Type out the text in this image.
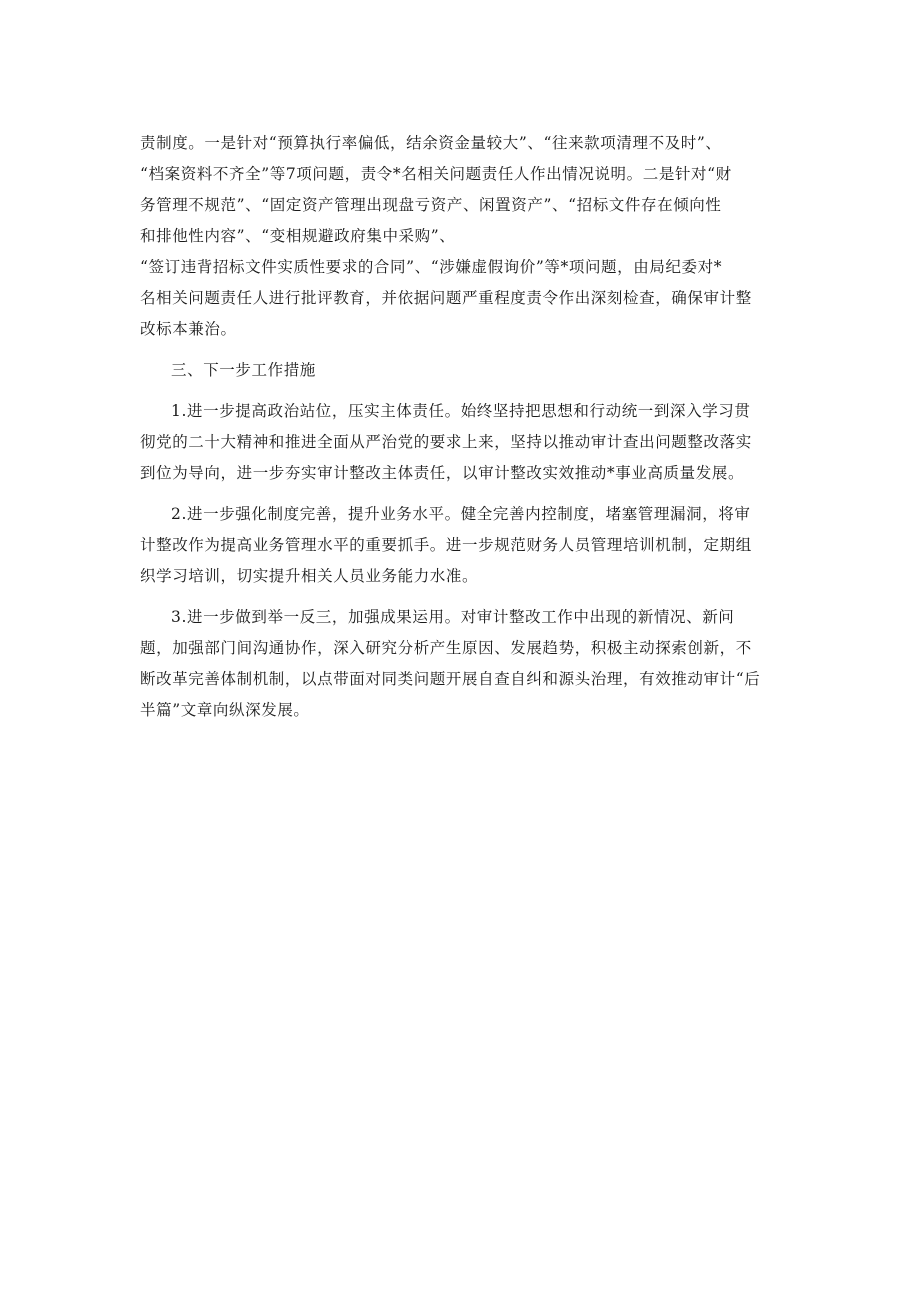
责制度。一是针对“预算执行率偏低，结余资金量较大”、“往来款项清理不及时”、
“档案资料不齐全”等7项问题，责令*名相关问题责任人作出情况说明。二是针对“财
务管理不规范”、“固定资产管理出现盘亏资产、闲置资产”、“招标文件存在倾向性
和排他性内容”、“变相规避政府集中采购”、
“签订违背招标文件实质性要求的合同”、“涉嫌虚假询价”等*项问题，由局纪委对*
名相关问题责任人进行批评教育，并依据问题严重程度责令作出深刻检查，确保审计整
改标本兼治。

三、下一步工作措施

1.进一步提高政治站位，压实主体责任。始终坚持把思想和行动统一到深入学习贯
彻党的二十大精神和推进全面从严治党的要求上来，坚持以推动审计查出问题整改落实
到位为导向，进一步夯实审计整改主体责任，以审计整改实效推动*事业高质量发展。

2.进一步强化制度完善，提升业务水平。健全完善内控制度，堵塞管理漏洞，将审
计整改作为提高业务管理水平的重要抓手。进一步规范财务人员管理培训机制，定期组
织学习培训，切实提升相关人员业务能力水准。

3.进一步做到举一反三，加强成果运用。对审计整改工作中出现的新情况、新问
题，加强部门间沟通协作，深入研究分析产生原因、发展趋势，积极主动探索创新，不
断改革完善体制机制，以点带面对同类问题开展自查自纠和源头治理，有效推动审计“后
半篇”文章向纵深发展。
